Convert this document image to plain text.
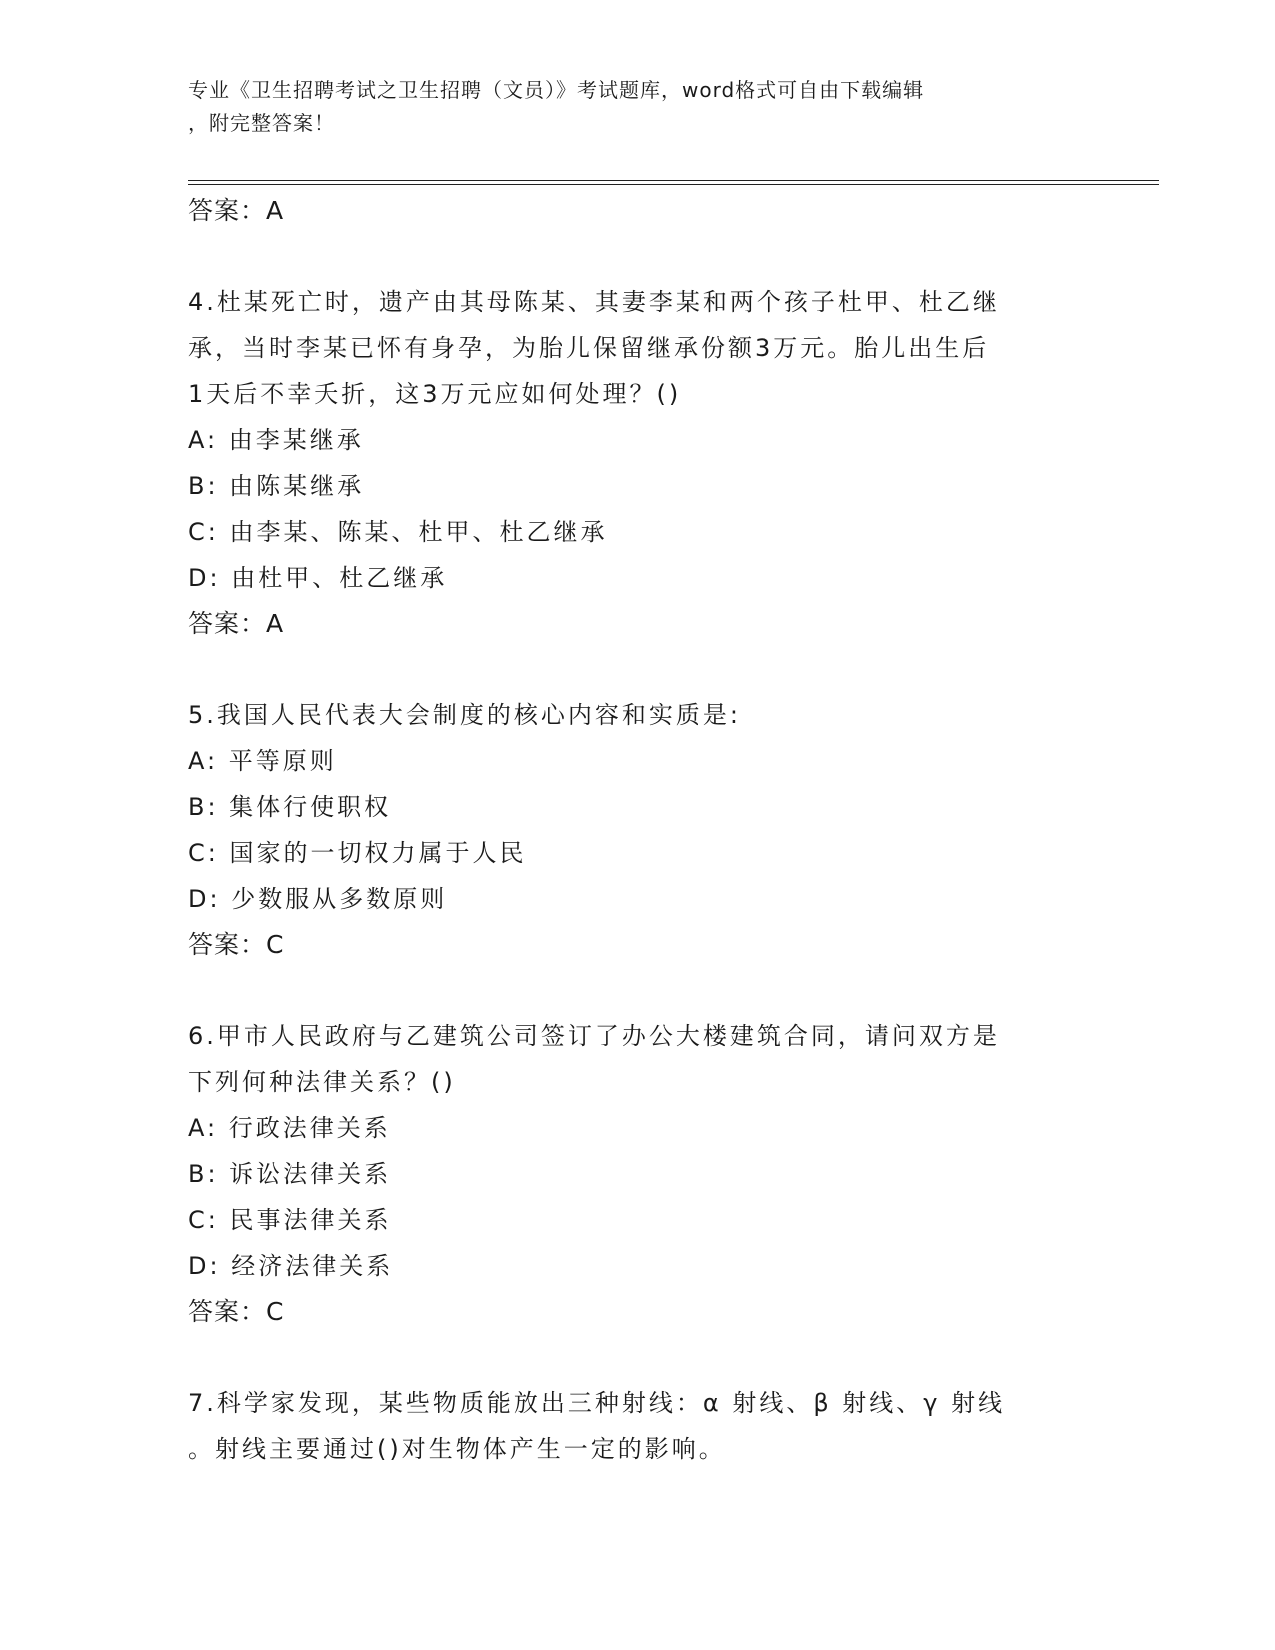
专业《卫生招聘考试之卫生招聘（文员）》考试题库，word格式可自由下载编辑
，附完整答案！
答案：A
4.杜某死亡时，遗产由其母陈某、其妻李某和两个孩子杜甲、杜乙继
承，当时李某已怀有身孕，为胎儿保留继承份额3万元。胎儿出生后
1天后不幸夭折，这3万元应如何处理？()
A: 由李某继承
B: 由陈某继承
C: 由李某、陈某、杜甲、杜乙继承
D: 由杜甲、杜乙继承
答案：A
5.我国人民代表大会制度的核心内容和实质是:
A: 平等原则
B: 集体行使职权
C: 国家的一切权力属于人民
D: 少数服从多数原则
答案：C
6.甲市人民政府与乙建筑公司签订了办公大楼建筑合同，请问双方是
下列何种法律关系？()
A: 行政法律关系
B: 诉讼法律关系
C: 民事法律关系
D: 经济法律关系
答案：C
7.科学家发现，某些物质能放出三种射线：α 射线、β 射线、γ 射线
。射线主要通过()对生物体产生一定的影响。
